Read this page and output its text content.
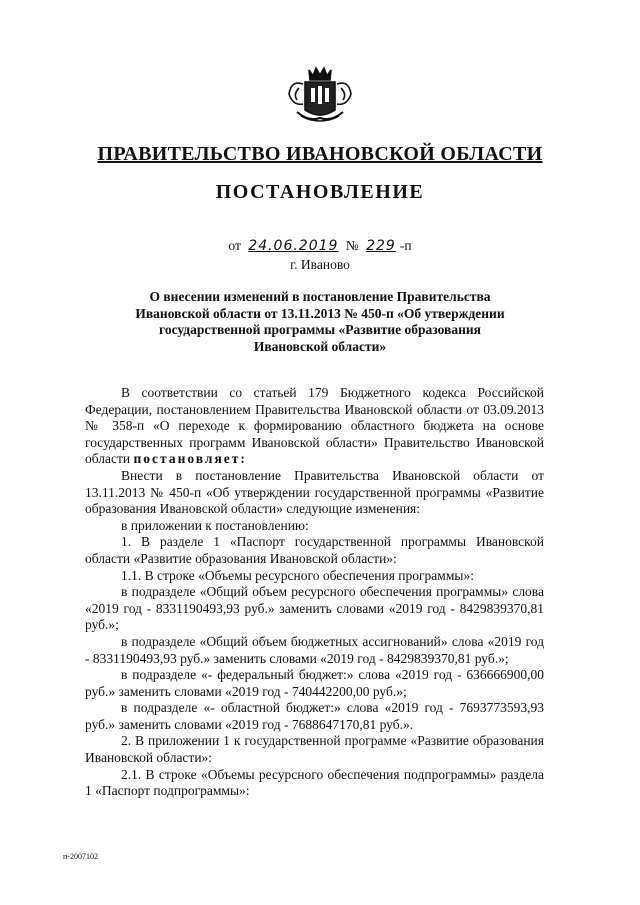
ПРАВИТЕЛЬСТВО ИВАНОВСКОЙ ОБЛАСТИ
ПОСТАНОВЛЕНИЕ
от 24.06.2019 № 229 -п
г. Иваново
О внесении изменений в постановление Правительства
Ивановской области от 13.11.2013 № 450-п «Об утверждении
государственной программы «Развитие образования
Ивановской области»

В соответствии со статьей 179 Бюджетного кодекса Российской Федерации, постановлением Правительства Ивановской области от 03.09.2013 № 358-п «О переходе к формированию областного бюджета на основе государственных программ Ивановской области» Правительство Ивановской области постановляет:

Внести в постановление Правительства Ивановской области от 13.11.2013 № 450-п «Об утверждении государственной программы «Развитие образования Ивановской области» следующие изменения:

в приложении к постановлению:

1. В разделе 1 «Паспорт государственной программы Ивановской области «Развитие образования Ивановской области»:

1.1. В строке «Объемы ресурсного обеспечения программы»:

в подразделе «Общий объем ресурсного обеспечения программы» слова «2019 год - 8331190493,93 руб.» заменить словами «2019 год - 8429839370,81 руб.»;

в подразделе «Общий объем бюджетных ассигнований» слова «2019 год - 8331190493,93 руб.» заменить словами «2019 год - 8429839370,81 руб.»;

в подразделе «- федеральный бюджет:» слова «2019 год - 636666900,00 руб.» заменить словами «2019 год - 740442200,00 руб.»;

в подразделе «- областной бюджет:» слова «2019 год - 7693773593,93 руб.» заменить словами «2019 год - 7688647170,81 руб.».

2. В приложении 1 к государственной программе «Развитие образования Ивановской области»:

2.1. В строке «Объемы ресурсного обеспечения подпрограммы» раздела 1 «Паспорт подпрограммы»:

п-2007102
